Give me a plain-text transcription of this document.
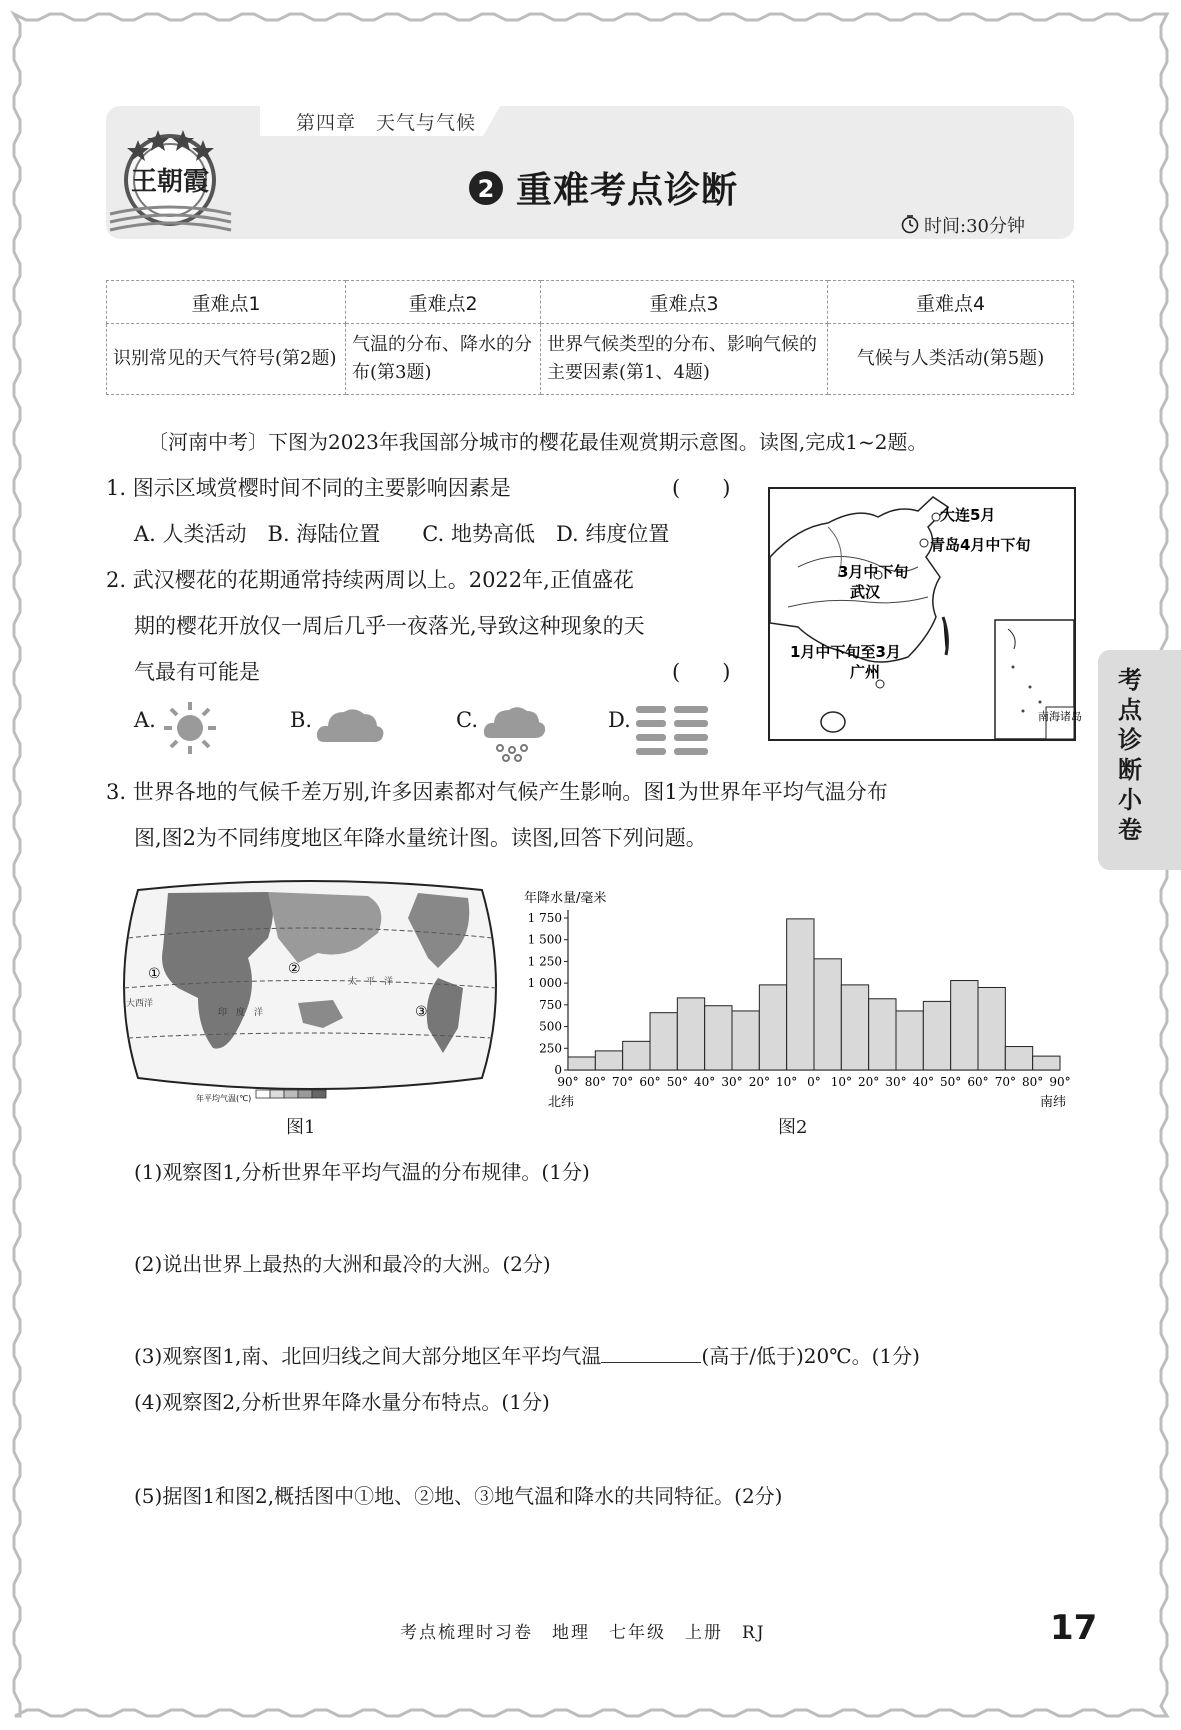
王朝霞
第四章　天气与气候
2 重难考点诊断
时间:30分钟
重难点1	重难点2	重难点3	重难点4
识别常见的天气符号(第2题)	气温的分布、降水的分布(第3题)	世界气候类型的分布、影响气候的主要因素(第1、4题)	气候与人类活动(第5题)
〔河南中考〕下图为2023年我国部分城市的樱花最佳观赏期示意图。读图,完成1~2题。
1. 图示区域赏樱时间不同的主要影响因素是	(　　)
A. 人类活动　B. 海陆位置　　C. 地势高低　D. 纬度位置
2. 武汉樱花的花期通常持续两周以上。2022年,正值盛花
期的樱花开放仅一周后几乎一夜落光,导致这种现象的天
气最有可能是	(　　)
A.	B.	C.	D.	南海诸岛
大连5月
青岛4月中下旬
3月中下旬
武汉
1月中下旬至3月
广州
3. 世界各地的气候千差万别,许多因素都对气候产生影响。图1为世界年平均气温分布
图,图2为不同纬度地区年降水量统计图。读图,回答下列问题。
①	②
③
太　平　洋
印　度　洋
大西洋
年平均气温(℃)
图1
年降水量/毫米
1 750
1 500
1 250
1 000
750
500
250
0
90° 80° 70° 60° 50° 40° 30° 20° 10° 0° 10° 20° 30° 40° 50° 60° 70° 80° 90°
北纬	南纬
图2
(1)观察图1,分析世界年平均气温的分布规律。(1分)
(2)说出世界上最热的大洲和最冷的大洲。(2分)
(3)观察图1,南、北回归线之间大部分地区年平均气温	(高于/低于)20℃。(1分)
(4)观察图2,分析世界年降水量分布特点。(1分)
(5)据图1和图2,概括图中①地、②地、③地气温和降水的共同特征。(2分)
考点诊断小卷
考点梳理时习卷　地理　七年级　上册　RJ	17
